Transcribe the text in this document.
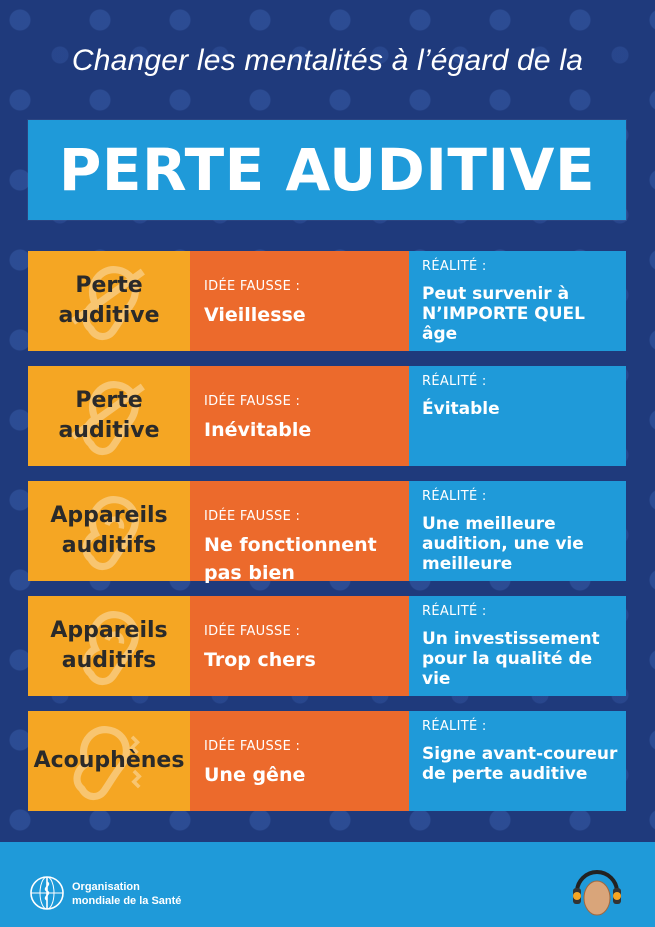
Changer les mentalités à l’égard de la
PERTE AUDITIVE
Perte
auditive
IDÉE FAUSSE :
Vieillesse
RÉALITÉ :
Peut survenir à
N’IMPORTE QUEL
âge
Perte
auditive
IDÉE FAUSSE :
Inévitable
RÉALITÉ :
Évitable
Appareils
auditifs
IDÉE FAUSSE :
Ne fonctionnent
pas bien
RÉALITÉ :
Une meilleure
audition, une vie
meilleure
Appareils
auditifs
IDÉE FAUSSE :
Trop chers
RÉALITÉ :
Un investissement
pour la qualité de
vie
Acouphènes
IDÉE FAUSSE :
Une gêne
RÉALITÉ :
Signe avant-coureur
de perte auditive
Organisation
mondiale de la Santé
